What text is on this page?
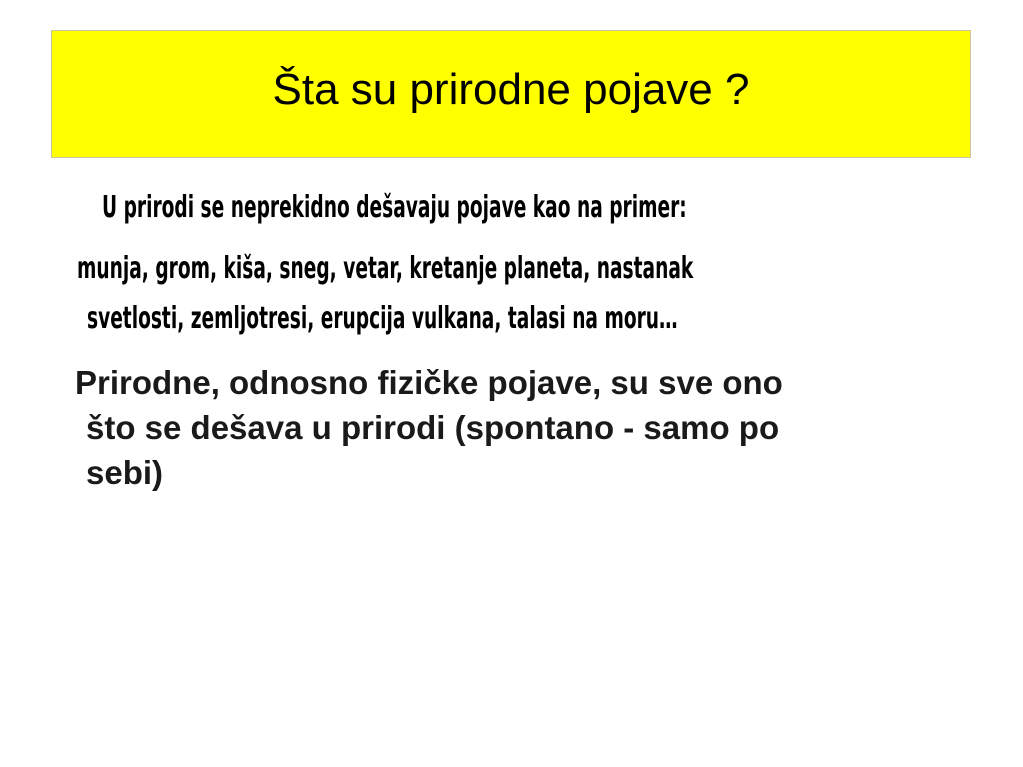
Šta su prirodne pojave ?
U prirodi se neprekidno dešavaju pojave kao na primer:
munja, grom, kiša, sneg, vetar, kretanje planeta, nastanak
svetlosti, zemljotresi, erupcija vulkana, talasi na moru…

Prirodne, odnosno fizičke pojave, su sve ono
što se dešava u prirodi (spontano - samo po
sebi)
